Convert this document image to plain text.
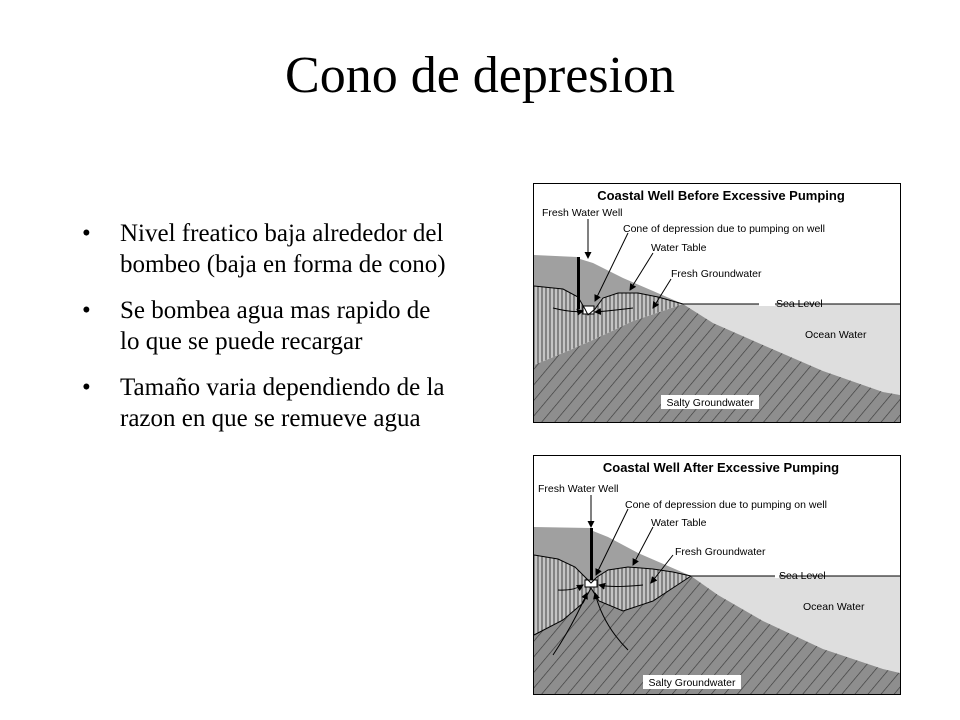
Cono de depresion
• Nivel freatico baja alrededor del bombeo (baja en forma de cono)
• Se bombea agua mas rapido de lo que se puede recargar
• Tamaño varia dependiendo de la razon en que se remueve agua
Coastal Well Before Excessive Pumping
Fresh Water Well
Cone of depression due to pumping on well
Water Table
Fresh Groundwater
Sea Level
Ocean Water
Salty Groundwater
Coastal Well After Excessive Pumping
Fresh Water Well
Cone of depression due to pumping on well
Water Table
Fresh Groundwater
Sea Level
Ocean Water
Salty Groundwater
